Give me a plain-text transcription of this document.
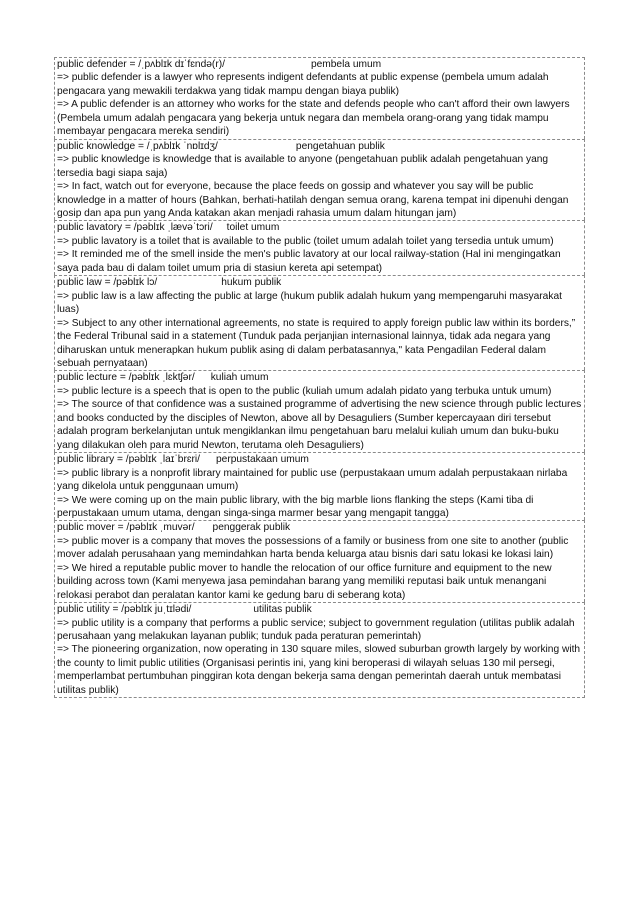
public defender = /ˌpʌblɪk dɪˈfɛndə(r)/	pembela umum

=> public defender is a lawyer who represents indigent defendants at public expense (pembela umum adalah pengacara yang mewakili terdakwa yang tidak mampu dengan biaya publik)

=> A public defender is an attorney who works for the state and defends people who can't afford their own lawyers (Pembela umum adalah pengacara yang bekerja untuk negara dan membela orang-orang yang tidak mampu membayar pengacara mereka sendiri)

public knowledge = /ˌpʌblɪk ˈnɒlɪdʒ/	pengetahuan publik

=> public knowledge is knowledge that is available to anyone (pengetahuan publik adalah pengetahuan yang tersedia bagi siapa saja)

=> In fact, watch out for everyone, because the place feeds on gossip and whatever you say will be public knowledge in a matter of hours (Bahkan, berhati-hatilah dengan semua orang, karena tempat ini dipenuhi dengan gosip dan apa pun yang Anda katakan akan menjadi rahasia umum dalam hitungan jam)

public lavatory = /pəblɪk ˌlævəˈtɔri/ toilet umum

=> public lavatory is a toilet that is available to the public (toilet umum adalah toilet yang tersedia untuk umum)

=> It reminded me of the smell inside the men's public lavatory at our local railway-station (Hal ini mengingatkan saya pada bau di dalam toilet umum pria di stasiun kereta api setempat)

public law = /pəblɪk lɔ/	hukum publik

=> public law is a law affecting the public at large (hukum publik adalah hukum yang mempengaruhi masyarakat luas)

=> Subject to any other international agreements, no state is required to apply foreign public law within its borders,” the Federal Tribunal said in a statement (Tunduk pada perjanjian internasional lainnya, tidak ada negara yang diharuskan untuk menerapkan hukum publik asing di dalam perbatasannya," kata Pengadilan Federal dalam sebuah pernyataan)

public lecture = /pəblɪk ˌlɛktʃər/ kuliah umum

=> public lecture is a speech that is open to the public (kuliah umum adalah pidato yang terbuka untuk umum)

=> The source of that confidence was a sustained programme of advertising the new science through public lectures and books conducted by the disciples of Newton, above all by Desaguliers (Sumber kepercayaan diri tersebut adalah program berkelanjutan untuk mengiklankan ilmu pengetahuan baru melalui kuliah umum dan buku-buku yang dilakukan oleh para murid Newton, terutama oleh Desaguliers)

public library = /pəblɪk ˌlaɪˈbrɛri/ perpustakaan umum

=> public library is a nonprofit library maintained for public use (perpustakaan umum adalah perpustakaan nirlaba yang dikelola untuk penggunaan umum)

=> We were coming up on the main public library, with the big marble lions flanking the steps (Kami tiba di perpustakaan umum utama, dengan singa-singa marmer besar yang mengapit tangga)

public mover = /pəblɪk ˌmuvər/ penggerak publik

=> public mover is a company that moves the possessions of a family or business from one site to another (public mover adalah perusahaan yang memindahkan harta benda keluarga atau bisnis dari satu lokasi ke lokasi lain)

=> We hired a reputable public mover to handle the relocation of our office furniture and equipment to the new building across town (Kami menyewa jasa pemindahan barang yang memiliki reputasi baik untuk menangani relokasi perabot dan peralatan kantor kami ke gedung baru di seberang kota)

public utility = /pəblɪk juˌtɪlədi/	utilitas publik

=> public utility is a company that performs a public service; subject to government regulation (utilitas publik adalah perusahaan yang melakukan layanan publik; tunduk pada peraturan pemerintah)

=> The pioneering organization, now operating in 130 square miles, slowed suburban growth largely by working with the county to limit public utilities (Organisasi perintis ini, yang kini beroperasi di wilayah seluas 130 mil persegi, memperlambat pertumbuhan pinggiran kota dengan bekerja sama dengan pemerintah daerah untuk membatasi utilitas publik)
